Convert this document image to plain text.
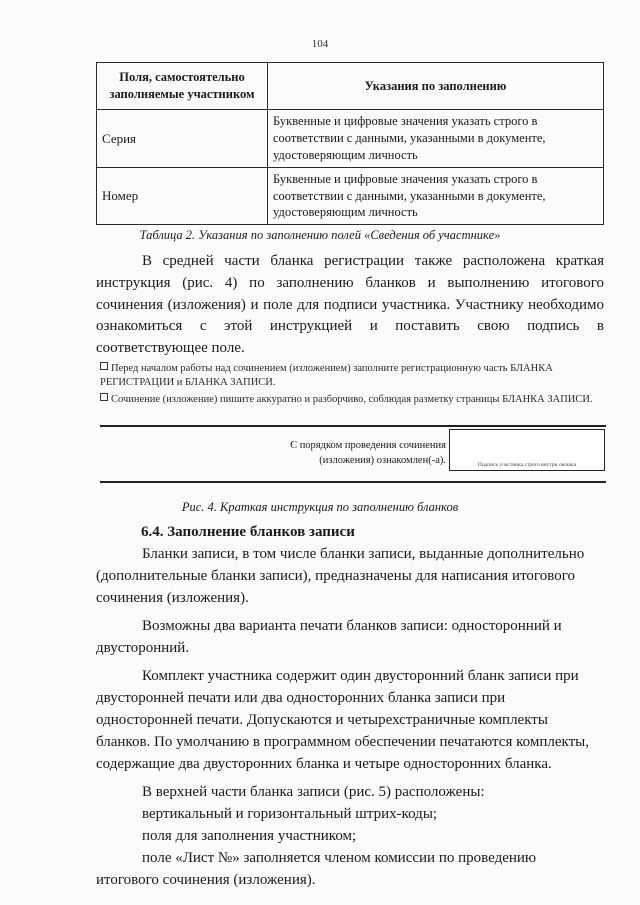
104
Поля, самостоятельно заполняемые участником	Указания по заполнению
Серия	Буквенные и цифровые значения указать строго в соответствии с данными, указанными в документе, удостоверяющим личность
Номер	Буквенные и цифровые значения указать строго в соответствии с данными, указанными в документе, удостоверяющим личность
Таблица 2. Указания по заполнению полей «Сведения об участнике»
В средней части бланка регистрации также расположена краткая инструкция (рис. 4) по заполнению бланков и выполнению итогового сочинения (изложения) и поле для подписи участника. Участнику необходимо ознакомиться с этой инструкцией и поставить свою подпись в соответствующее поле.
Перед началом работы над сочинением (изложением) заполните регистрационную часть БЛАНКА РЕГИСТРАЦИИ и БЛАНКА ЗАПИСИ.
Сочинение (изложение) пишите аккуратно и разборчиво, соблюдая разметку страницы БЛАНКА ЗАПИСИ.
С порядком проведения сочинения (изложения) ознакомлен(-а).	Подпись участника строго внутри окошка
Рис. 4. Краткая инструкция по заполнению бланков
6.4. Заполнение бланков записи
Бланки записи, в том числе бланки записи, выданные дополнительно
(дополнительные бланки записи), предназначены для написания итогового
сочинения (изложения).
Возможны два варианта печати бланков записи: односторонний и
двусторонний.
Комплект участника содержит один двусторонний бланк записи при
двусторонней печати или два односторонних бланка записи при
односторонней печати. Допускаются и четырехстраничные комплекты
бланков. По умолчанию в программном обеспечении печатаются комплекты,
содержащие два двусторонних бланка и четыре односторонних бланка.
В верхней части бланка записи (рис. 5) расположены:
вертикальный и горизонтальный штрих-коды;
поля для заполнения участником;
поле «Лист №» заполняется членом комиссии по проведению
итогового сочинения (изложения).
